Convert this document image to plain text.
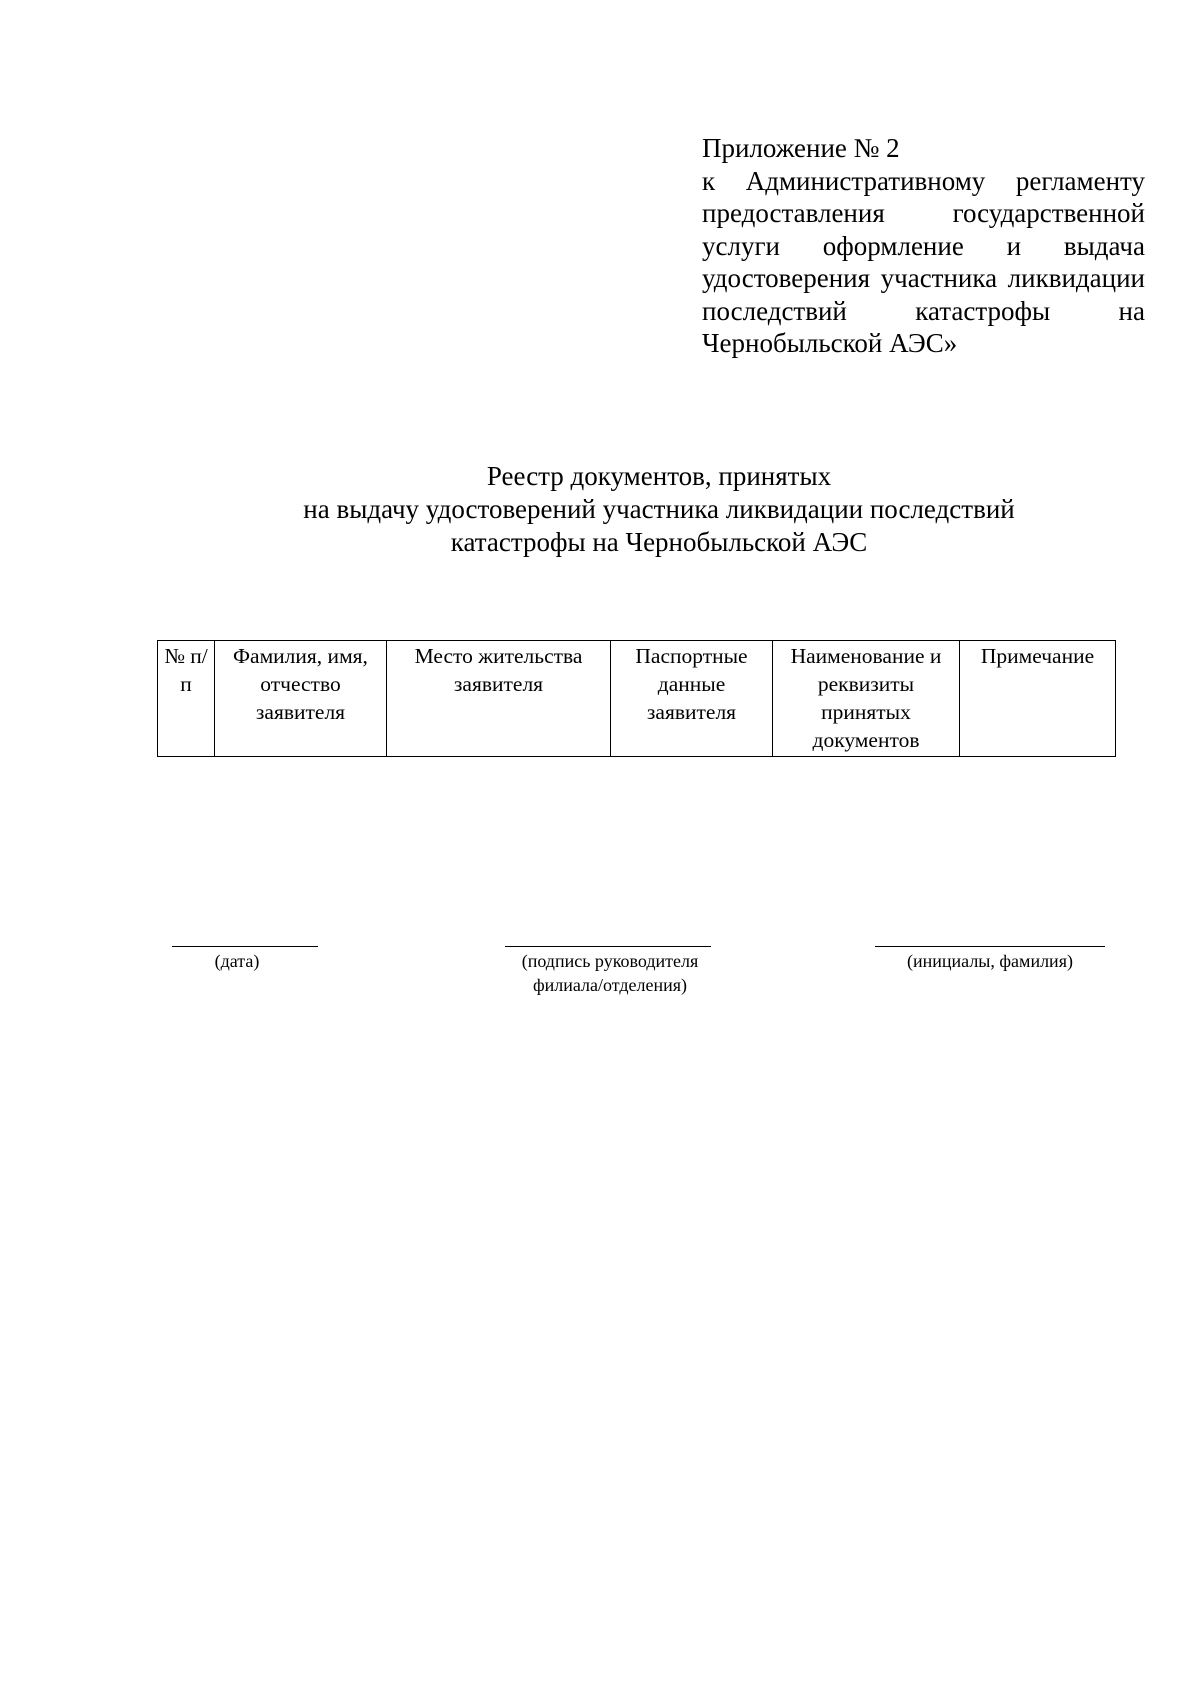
Приложение № 2
к Административному регламенту предоставления государственной услуги оформление и выдача удостоверения участника ликвидации последствий катастрофы на Чернобыльской АЭС»
Реестр документов, принятых
на выдачу удостоверений участника ликвидации последствий
катастрофы на Чернобыльской АЭС
№ п/п	Фамилия, имя, отчество заявителя	Место жительства заявителя	Паспортные данные заявителя	Наименование и реквизиты принятых документов	Примечание
(дата)	(подпись руководителя филиала/отделения)
(инициалы, фамилия)
